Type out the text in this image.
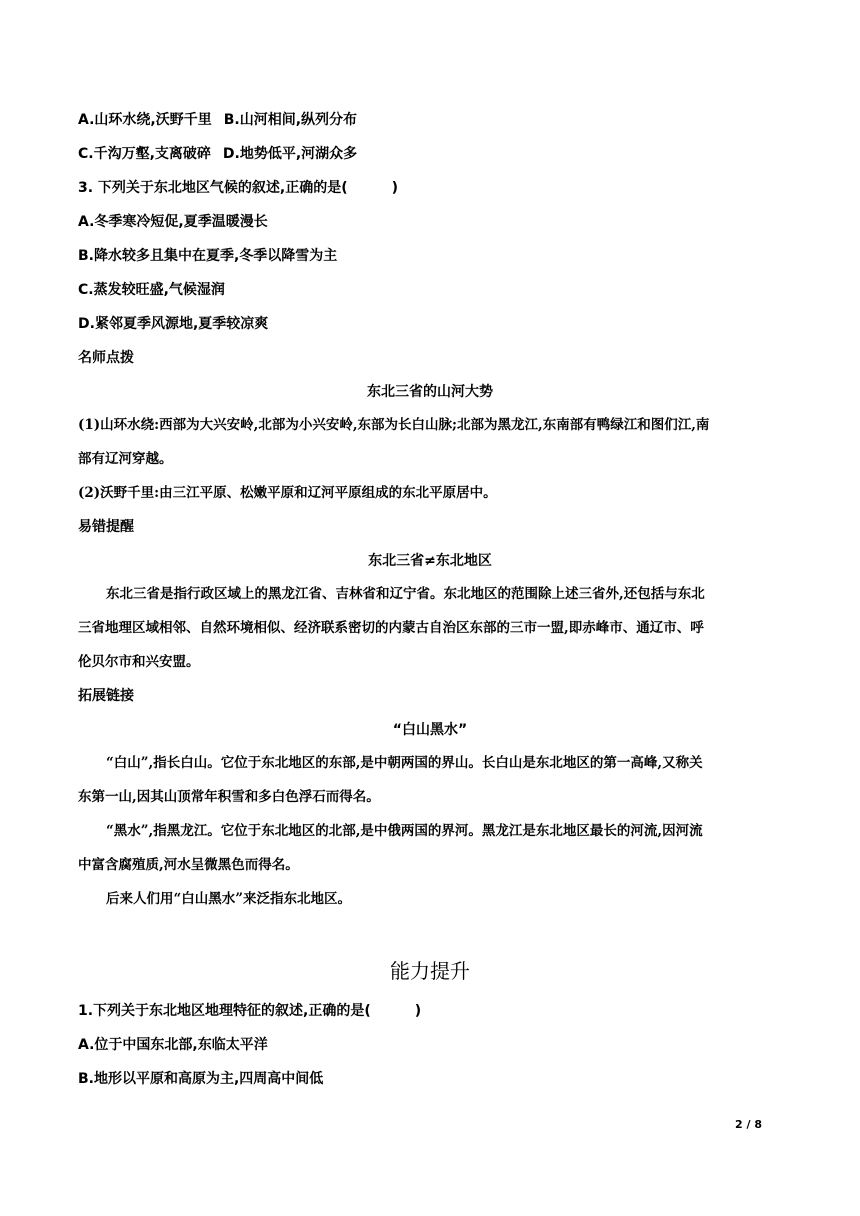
A.山环水绕,沃野千里 B.山河相间,纵列分布
C.千沟万壑,支离破碎 D.地势低平,河湖众多
3. 下列关于东北地区气候的叙述,正确的是(	)
A.冬季寒冷短促,夏季温暖漫长
B.降水较多且集中在夏季,冬季以降雪为主
C.蒸发较旺盛,气候湿润
D.紧邻夏季风源地,夏季较凉爽
名师点拨
东北三省的山河大势
(1)山环水绕:西部为大兴安岭,北部为小兴安岭,东部为长白山脉;北部为黑龙江,东南部有鸭绿江和图们江,南
部有辽河穿越。
(2)沃野千里:由三江平原、松嫩平原和辽河平原组成的东北平原居中。
易错提醒
东北三省≠东北地区
东北三省是指行政区域上的黑龙江省、吉林省和辽宁省。东北地区的范围除上述三省外,还包括与东北
三省地理区域相邻、自然环境相似、经济联系密切的内蒙古自治区东部的三市一盟,即赤峰市、通辽市、呼
伦贝尔市和兴安盟。
拓展链接
“白山黑水”
“白山”,指长白山。它位于东北地区的东部,是中朝两国的界山。长白山是东北地区的第一高峰,又称关
东第一山,因其山顶常年积雪和多白色浮石而得名。
“黑水”,指黑龙江。它位于东北地区的北部,是中俄两国的界河。黑龙江是东北地区最长的河流,因河流
中富含腐殖质,河水呈微黑色而得名。
后来人们用“白山黑水”来泛指东北地区。
能力提升
1.下列关于东北地区地理特征的叙述,正确的是(	)
A.位于中国东北部,东临太平洋
B.地形以平原和高原为主,四周高中间低
2 / 8
